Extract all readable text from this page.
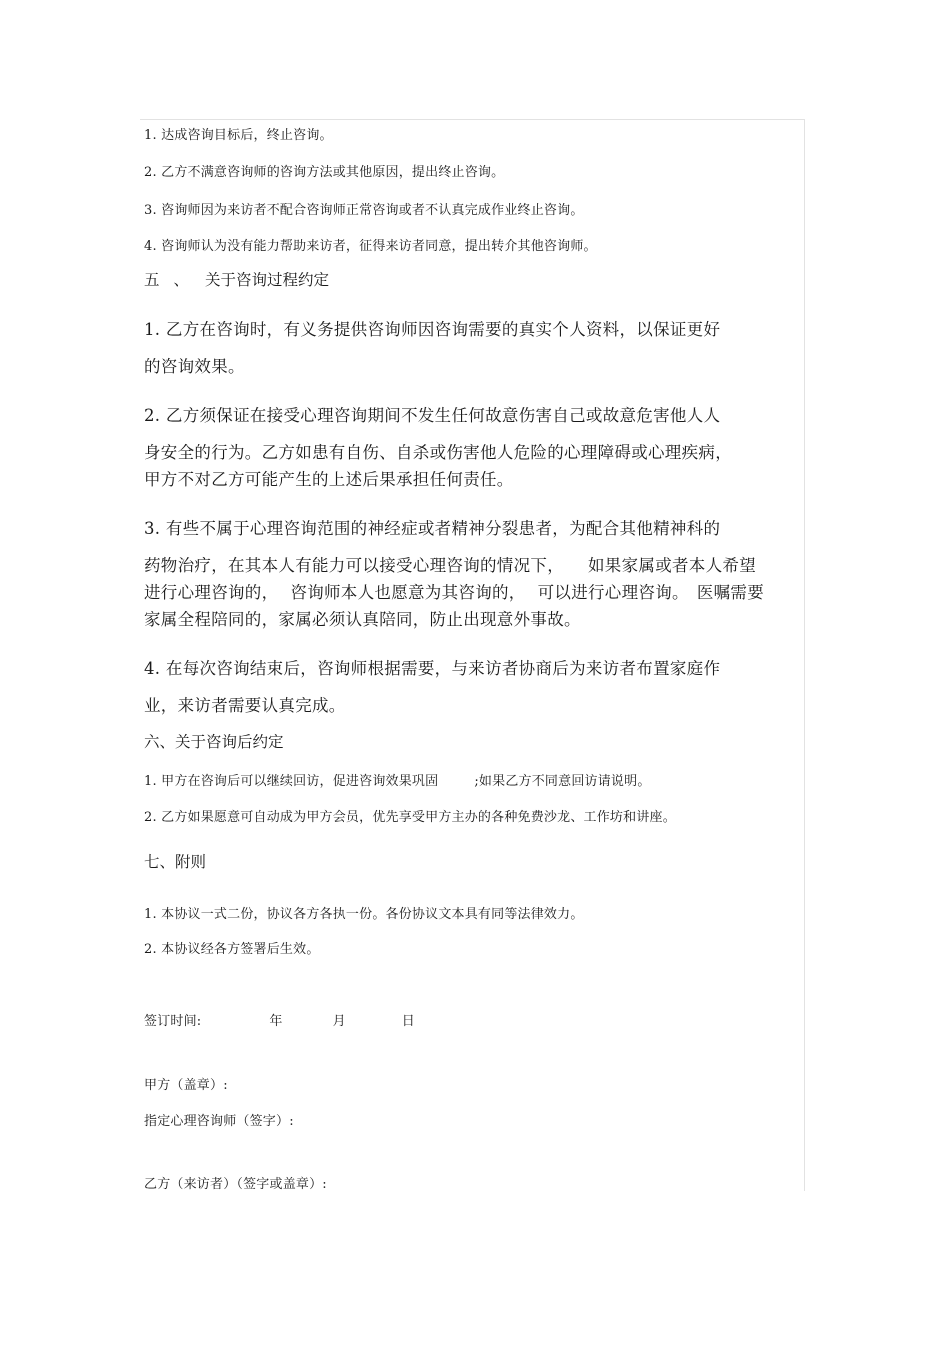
1. 达成咨询目标后，终止咨询。

2. 乙方不满意咨询师的咨询方法或其他原因，提出终止咨询。

3. 咨询师因为来访者不配合咨询师正常咨询或者不认真完成作业终止咨询。

4. 咨询师认为没有能力帮助来访者，征得来访者同意，提出转介其他咨询师。

五 、 关于咨询过程约定

1. 乙方在咨询时，有义务提供咨询师因咨询需要的真实个人资料，以保证更好

的咨询效果。

2. 乙方须保证在接受心理咨询期间不发生任何故意伤害自己或故意危害他人人

身安全的行为。乙方如患有自伤、自杀或伤害他人危险的心理障碍或心理疾病，

甲方不对乙方可能产生的上述后果承担任何责任。

3. 有些不属于心理咨询范围的神经症或者精神分裂患者，为配合其他精神科的

药物治疗，在其本人有能力可以接受心理咨询的情况下， 如果家属或者本人希望

进行心理咨询的， 咨询师本人也愿意为其咨询的， 可以进行心理咨询。 医嘱需要

家属全程陪同的，家属必须认真陪同，防止出现意外事故。

4. 在每次咨询结束后，咨询师根据需要，与来访者协商后为来访者布置家庭作

业，来访者需要认真完成。

六、关于咨询后约定

1. 甲方在咨询后可以继续回访，促进咨询效果巩固	;如果乙方不同意回访请说明。

2. 乙方如果愿意可自动成为甲方会员，优先享受甲方主办的各种免费沙龙、工作坊和讲座。

七、附则

1. 本协议一式二份，协议各方各执一份。各份协议文本具有同等法律效力。

2. 本协议经各方签署后生效。

签订时间:	年	月	日

甲方（盖章）:

指定心理咨询师（签字）:

乙方（来访者）（签字或盖章）:
